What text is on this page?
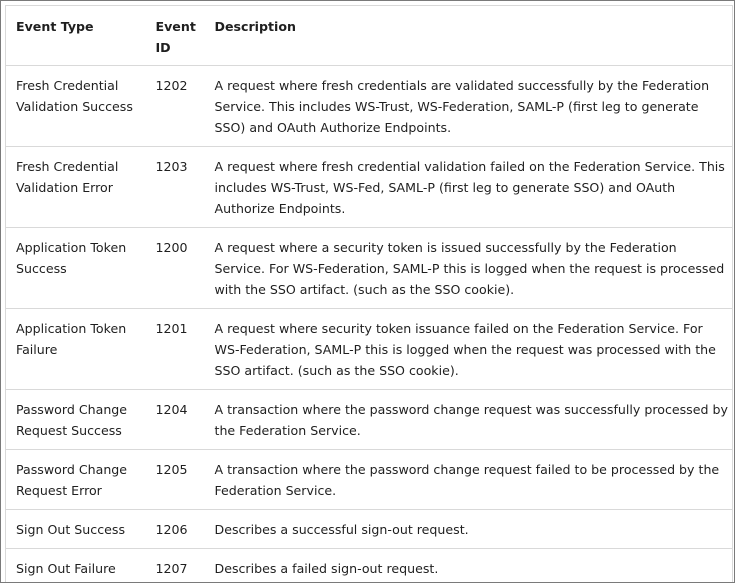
Event Type	Event ID	Description
Fresh Credential Validation Success	1202	A request where fresh credentials are validated successfully by the Federation Service. This includes WS-Trust, WS-Federation, SAML-P (first leg to generate SSO) and OAuth Authorize Endpoints.
Fresh Credential Validation Error	1203	A request where fresh credential validation failed on the Federation Service. This includes WS-Trust, WS-Fed, SAML-P (first leg to generate SSO) and OAuth Authorize Endpoints.
Application Token Success	1200	A request where a security token is issued successfully by the Federation Service. For WS-Federation, SAML-P this is logged when the request is processed with the SSO artifact. (such as the SSO cookie).
Application Token Failure	1201	A request where security token issuance failed on the Federation Service. For WS-Federation, SAML-P this is logged when the request was processed with the SSO artifact. (such as the SSO cookie).
Password Change Request Success	1204	A transaction where the password change request was successfully processed by the Federation Service.
Password Change Request Error	1205	A transaction where the password change request failed to be processed by the Federation Service.
Sign Out Success	1206	Describes a successful sign-out request.
Sign Out Failure	1207	Describes a failed sign-out request.
